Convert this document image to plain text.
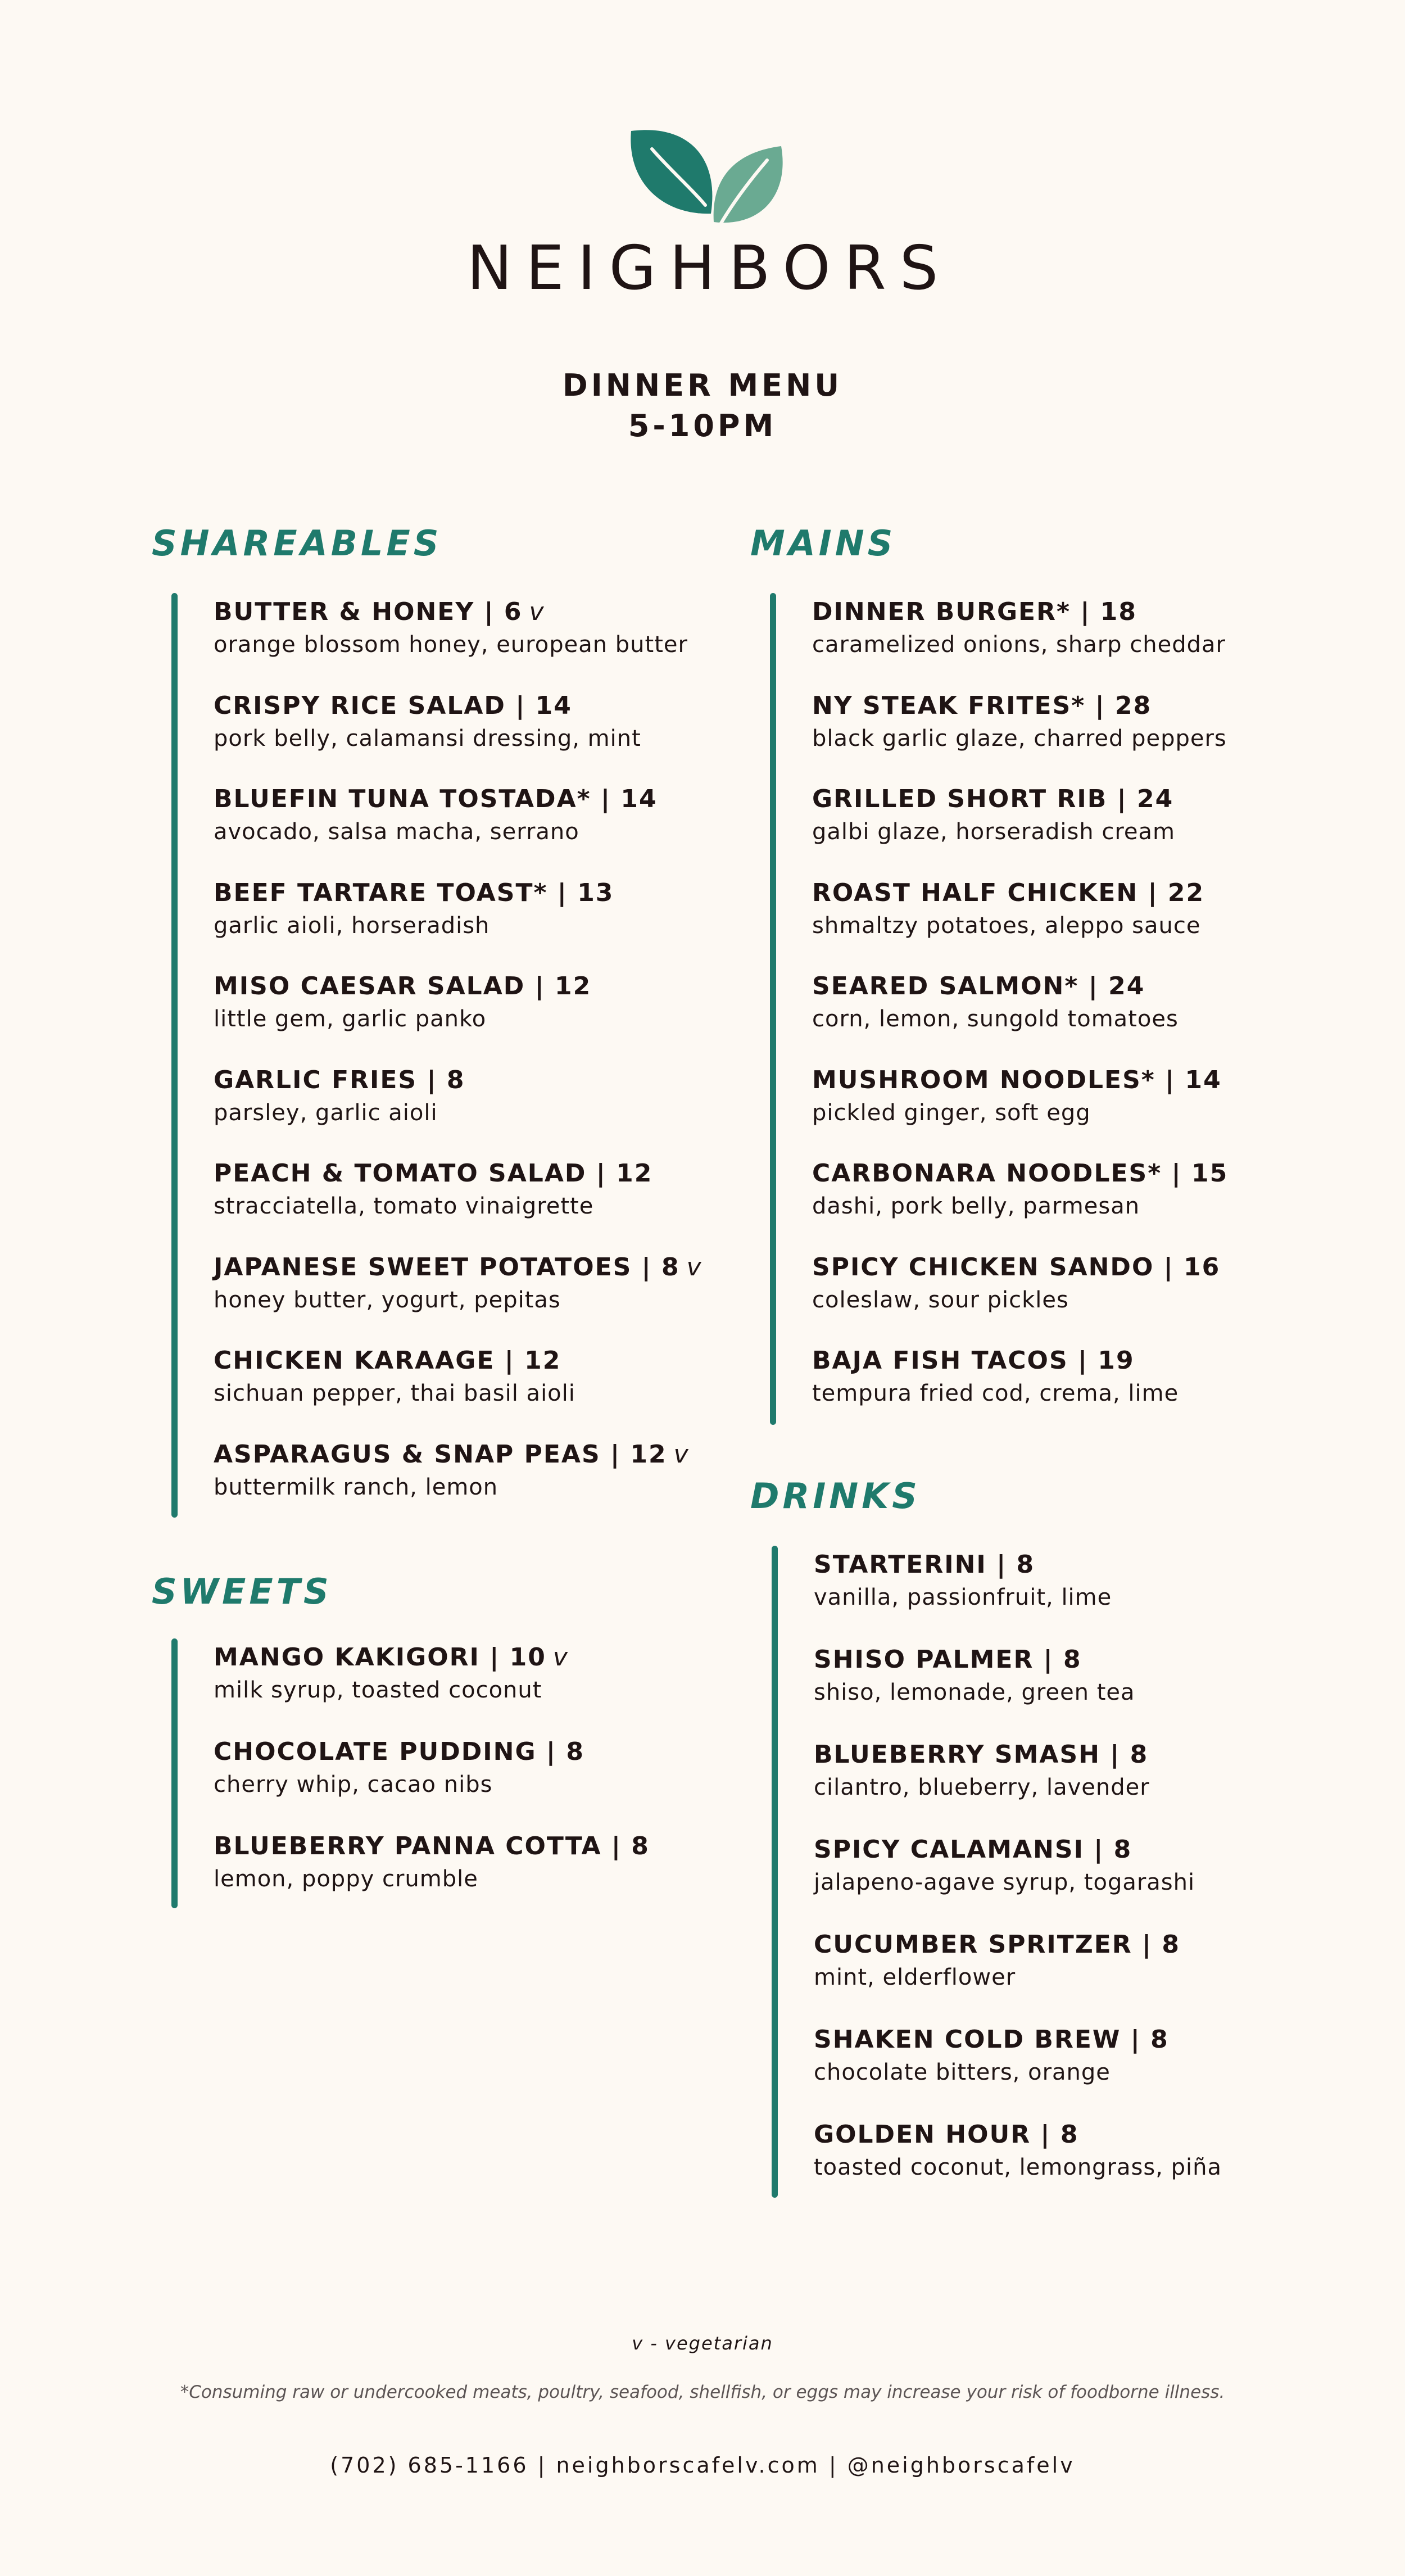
NEIGHBORS
DINNER MENU
5-10PM
SHAREABLES
BUTTER & HONEY | 6 v
orange blossom honey, european butter
CRISPY RICE SALAD | 14
pork belly, calamansi dressing, mint
BLUEFIN TUNA TOSTADA* | 14
avocado, salsa macha, serrano
BEEF TARTARE TOAST* | 13
garlic aioli, horseradish
MISO CAESAR SALAD | 12
little gem, garlic panko
GARLIC FRIES | 8
parsley, garlic aioli
PEACH & TOMATO SALAD | 12
stracciatella, tomato vinaigrette
JAPANESE SWEET POTATOES | 8 v
honey butter, yogurt, pepitas
CHICKEN KARAAGE | 12
sichuan pepper, thai basil aioli
ASPARAGUS & SNAP PEAS | 12 v
buttermilk ranch, lemon
SWEETS
MANGO KAKIGORI | 10 v
milk syrup, toasted coconut
CHOCOLATE PUDDING | 8
cherry whip, cacao nibs
BLUEBERRY PANNA COTTA | 8
lemon, poppy crumble
MAINS
DINNER BURGER* | 18
caramelized onions, sharp cheddar
NY STEAK FRITES* | 28
black garlic glaze, charred peppers
GRILLED SHORT RIB | 24
galbi glaze, horseradish cream
ROAST HALF CHICKEN | 22
shmaltzy potatoes, aleppo sauce
SEARED SALMON* | 24
corn, lemon, sungold tomatoes
MUSHROOM NOODLES* | 14
pickled ginger, soft egg
CARBONARA NOODLES* | 15
dashi, pork belly, parmesan
SPICY CHICKEN SANDO | 16
coleslaw, sour pickles
BAJA FISH TACOS | 19
tempura fried cod, crema, lime
DRINKS
STARTERINI | 8
vanilla, passionfruit, lime
SHISO PALMER | 8
shiso, lemonade, green tea
BLUEBERRY SMASH | 8
cilantro, blueberry, lavender
SPICY CALAMANSI | 8
jalapeno-agave syrup, togarashi
CUCUMBER SPRITZER | 8
mint, elderflower
SHAKEN COLD BREW | 8
chocolate bitters, orange
GOLDEN HOUR | 8
toasted coconut, lemongrass, piña
v - vegetarian
*Consuming raw or undercooked meats, poultry, seafood, shellfish, or eggs may increase your risk of foodborne illness.
(702) 685-1166 | neighborscafelv.com | @neighborscafelv
